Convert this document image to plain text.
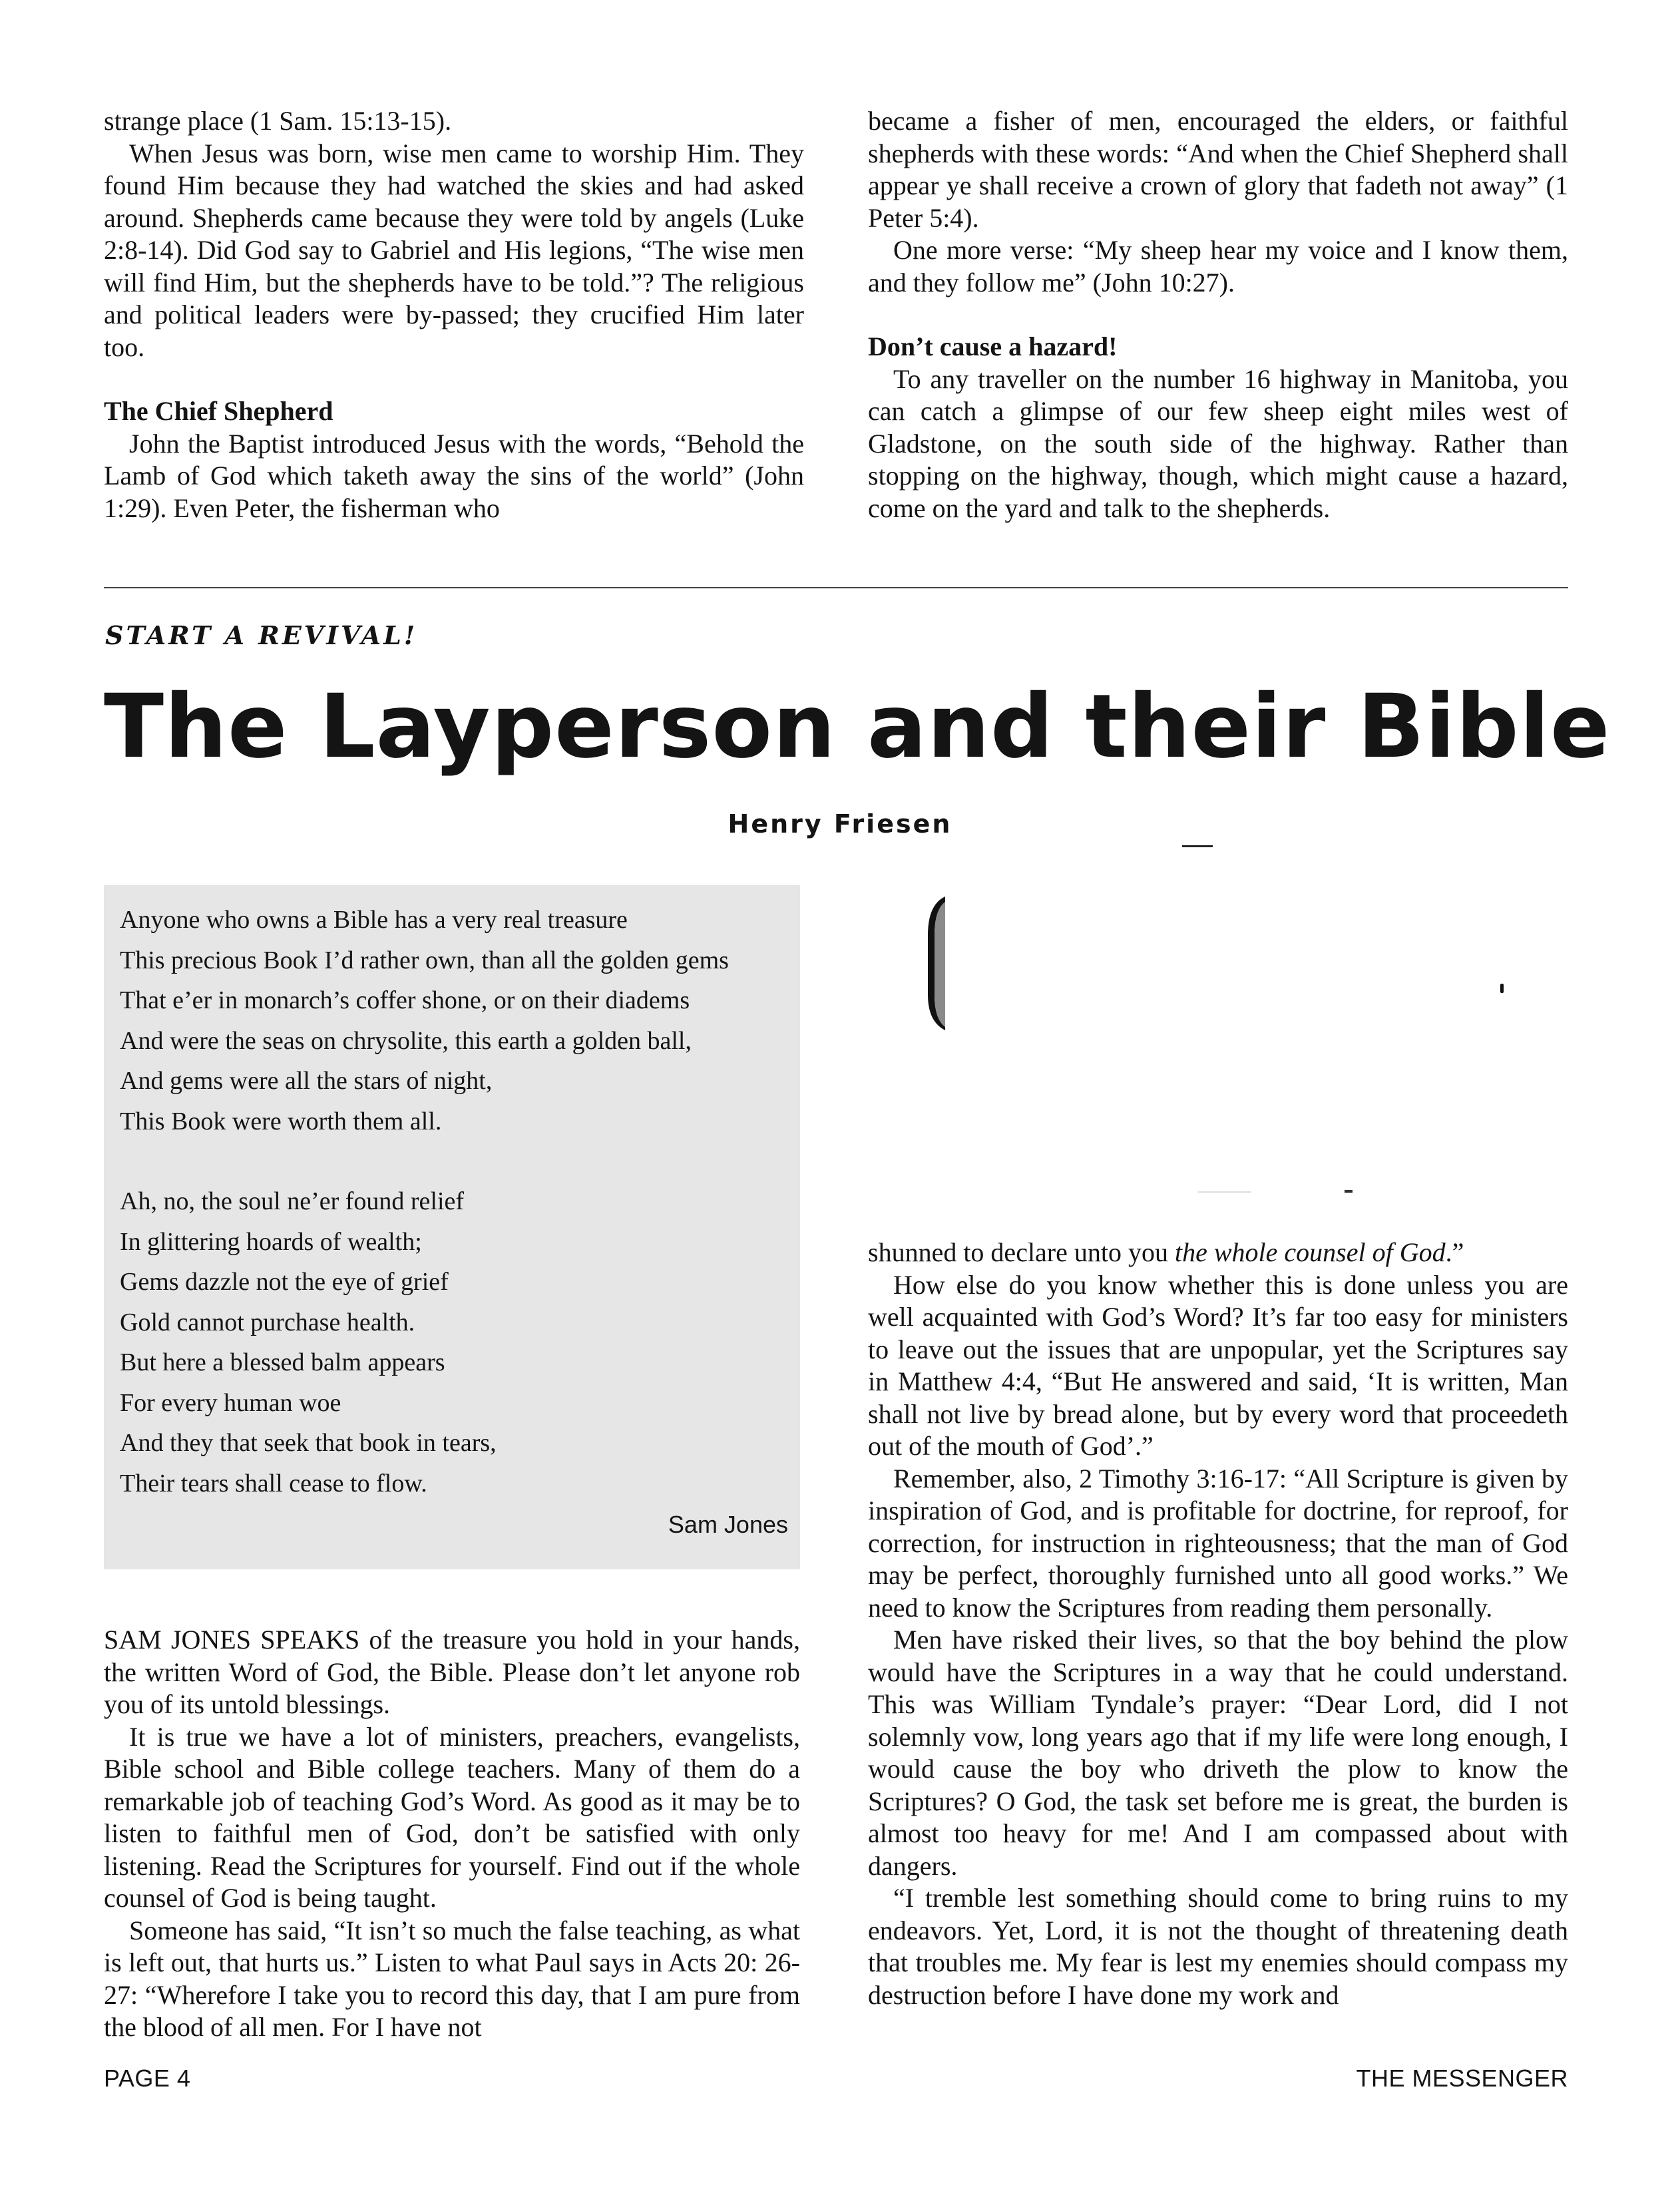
strange place (1 Sam. 15:13-15).

When Jesus was born, wise men came to worship Him. They found Him because they had watched the skies and had asked around. Shepherds came because they were told by angels (Luke 2:8-14). Did God say to Gabriel and His legions, “The wise men will find Him, but the shepherds have to be told.”? The religious and political leaders were by-passed; they crucified Him later too.

The Chief Shepherd

John the Baptist introduced Jesus with the words, “Behold the Lamb of God which taketh away the sins of the world” (John 1:29). Even Peter, the fisherman who

became a fisher of men, encouraged the elders, or faithful shepherds with these words: “And when the Chief Shepherd shall appear ye shall receive a crown of glory that fadeth not away” (1 Peter 5:4).

One more verse: “My sheep hear my voice and I know them, and they follow me” (John 10:27).

Don’t cause a hazard!

To any traveller on the number 16 highway in Manitoba, you can catch a glimpse of our few sheep eight miles west of Gladstone, on the south side of the highway. Rather than stopping on the highway, though, which might cause a hazard, come on the yard and talk to the shepherds.

START A REVIVAL!
The Layperson and their Bible
Henry Friesen
Anyone who owns a Bible has a very real treasure
This precious Book I’d rather own, than all the golden gems
That e’er in monarch’s coffer shone, or on their diadems
And were the seas on chrysolite, this earth a golden ball,
And gems were all the stars of night,
This Book were worth them all.
Ah, no, the soul ne’er found relief
In glittering hoards of wealth;
Gems dazzle not the eye of grief
Gold cannot purchase health.
But here a blessed balm appears
For every human woe
And they that seek that book in tears,
Their tears shall cease to flow.
Sam Jones

SAM JONES SPEAKS of the treasure you hold in your hands, the written Word of God, the Bible. Please don’t let anyone rob you of its untold blessings.

It is true we have a lot of ministers, preachers, evangelists, Bible school and Bible college teachers. Many of them do a remarkable job of teaching God’s Word. As good as it may be to listen to faithful men of God, don’t be satisfied with only listening. Read the Scriptures for yourself. Find out if the whole counsel of God is being taught.

Someone has said, “It isn’t so much the false teaching, as what is left out, that hurts us.” Listen to what Paul says in Acts 20: 26-27: “Wherefore I take you to record this day, that I am pure from the blood of all men. For I have not

shunned to declare unto you the whole counsel of God.”

How else do you know whether this is done unless you are well acquainted with God’s Word? It’s far too easy for ministers to leave out the issues that are unpopular, yet the Scriptures say in Matthew 4:4, “But He answered and said, ‘It is written, Man shall not live by bread alone, but by every word that proceedeth out of the mouth of God’.”

Remember, also, 2 Timothy 3:16-17: “All Scripture is given by inspiration of God, and is profitable for doctrine, for reproof, for correction, for instruction in righteousness; that the man of God may be perfect, thoroughly furnished unto all good works.” We need to know the Scriptures from reading them personally.

Men have risked their lives, so that the boy behind the plow would have the Scriptures in a way that he could understand. This was William Tyndale’s prayer: “Dear Lord, did I not solemnly vow, long years ago that if my life were long enough, I would cause the boy who driveth the plow to know the Scriptures? O God, the task set before me is great, the burden is almost too heavy for me! And I am compassed about with dangers.

“I tremble lest something should come to bring ruins to my endeavors. Yet, Lord, it is not the thought of threatening death that troubles me. My fear is lest my enemies should compass my destruction before I have done my work and

PAGE 4	THE MESSENGER
